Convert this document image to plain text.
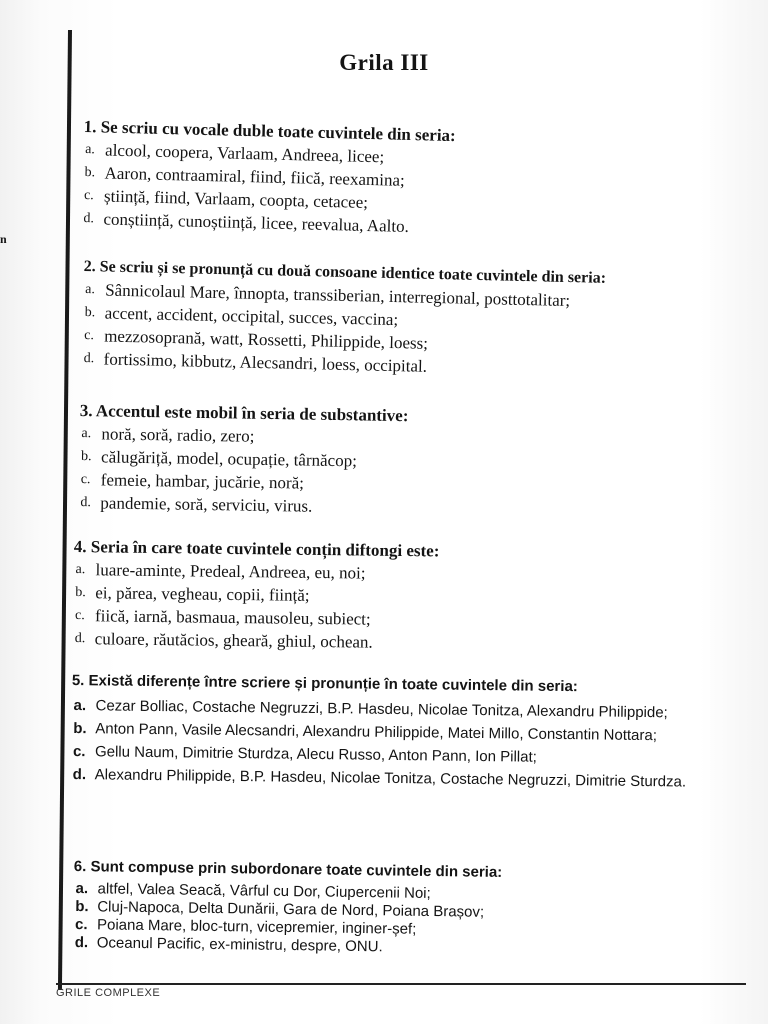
n
Grila III
1. Se scriu cu vocale duble toate cuvintele din seria:
a. alcool, coopera, Varlaam, Andreea, licee;
b. Aaron, contraamiral, fiind, fiică, reexamina;
c. știință, fiind, Varlaam, coopta, cetacee;
d. conștiință, cunoștiință, licee, reevalua, Aalto.
2. Se scriu și se pronunță cu două consoane identice toate cuvintele din seria:
a. Sânnicolaul Mare, înnopta, transsiberian, interregional, posttotalitar;
b. accent, accident, occipital, succes, vaccina;
c. mezzosoprană, watt, Rossetti, Philippide, loess;
d. fortissimo, kibbutz, Alecsandri, loess, occipital.
3. Accentul este mobil în seria de substantive:
a. noră, soră, radio, zero;
b. călugăriță, model, ocupație, târnăcop;
c. femeie, hambar, jucărie, noră;
d. pandemie, soră, serviciu, virus.
4. Seria în care toate cuvintele conțin diftongi este:
a. luare-aminte, Predeal, Andreea, eu, noi;
b. ei, părea, vegheau, copii, ființă;
c. fiică, iarnă, basmaua, mausoleu, subiect;
d. culoare, răutăcios, gheară, ghiul, ochean.
5. Există diferențe între scriere și pronunție în toate cuvintele din seria:
a. Cezar Bolliac, Costache Negruzzi, B.P. Hasdeu, Nicolae Tonitza, Alexandru Philippide;
b. Anton Pann, Vasile Alecsandri, Alexandru Philippide, Matei Millo, Constantin Nottara;
c. Gellu Naum, Dimitrie Sturdza, Alecu Russo, Anton Pann, Ion Pillat;
d. Alexandru Philippide, B.P. Hasdeu, Nicolae Tonitza, Costache Negruzzi, Dimitrie Sturdza.
6. Sunt compuse prin subordonare toate cuvintele din seria:
a. altfel, Valea Seacă, Vârful cu Dor, Ciupercenii Noi;
b. Cluj-Napoca, Delta Dunării, Gara de Nord, Poiana Brașov;
c. Poiana Mare, bloc-turn, vicepremier, inginer-șef;
d. Oceanul Pacific, ex-ministru, despre, ONU.
GRILE COMPLEXE
